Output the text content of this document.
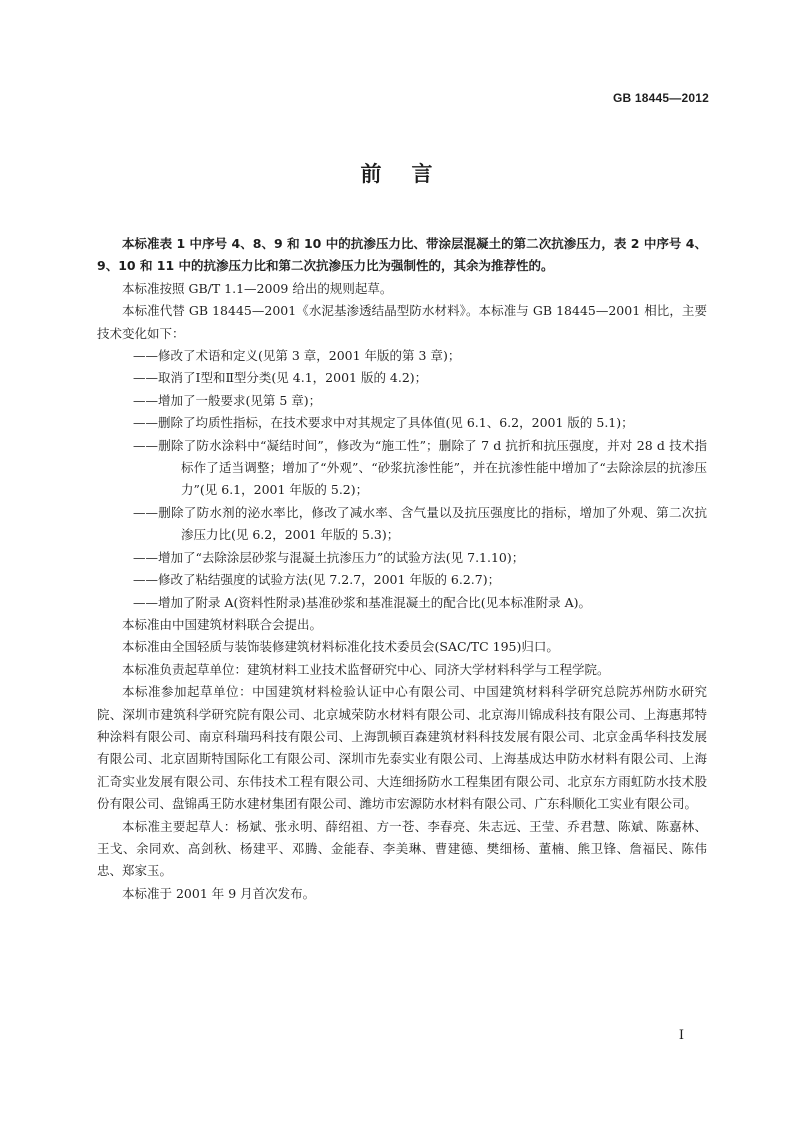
GB 18445—2012
前言

本标准表 1 中序号 4、8、9 和 10 中的抗渗压力比、带涂层混凝土的第二次抗渗压力，表 2 中序号 4、9、10 和 11 中的抗渗压力比和第二次抗渗压力比为强制性的，其余为推荐性的。

本标准按照 GB/T 1.1—2009 给出的规则起草。

本标准代替 GB 18445—2001《水泥基渗透结晶型防水材料》。本标准与 GB 18445—2001 相比，主要技术变化如下：

——修改了术语和定义(见第 3 章，2001 年版的第 3 章)；
——取消了Ⅰ型和Ⅱ型分类(见 4.1，2001 版的 4.2)；
——增加了一般要求(见第 5 章)；
——删除了均质性指标，在技术要求中对其规定了具体值(见 6.1、6.2，2001 版的 5.1)；
——删除了防水涂料中“凝结时间”，修改为“施工性”；删除了 7 d 抗折和抗压强度，并对 28 d 技术指标作了适当调整；增加了“外观”、“砂浆抗渗性能”，并在抗渗性能中增加了“去除涂层的抗渗压力”(见 6.1，2001 年版的 5.2)；
——删除了防水剂的泌水率比，修改了减水率、含气量以及抗压强度比的指标，增加了外观、第二次抗渗压力比(见 6.2，2001 年版的 5.3)；
——增加了“去除涂层砂浆与混凝土抗渗压力”的试验方法(见 7.1.10)；
——修改了粘结强度的试验方法(见 7.2.7，2001 年版的 6.2.7)；
——增加了附录 A(资料性附录)基准砂浆和基准混凝土的配合比(见本标准附录 A)。

本标准由中国建筑材料联合会提出。

本标准由全国轻质与装饰装修建筑材料标准化技术委员会(SAC/TC 195)归口。

本标准负责起草单位：建筑材料工业技术监督研究中心、同济大学材料科学与工程学院。

本标准参加起草单位：中国建筑材料检验认证中心有限公司、中国建筑材料科学研究总院苏州防水研究院、深圳市建筑科学研究院有限公司、北京城荣防水材料有限公司、北京海川锦成科技有限公司、上海惠邦特种涂料有限公司、南京科瑞玛科技有限公司、上海凯顿百森建筑材料科技发展有限公司、北京金禹华科技发展有限公司、北京固斯特国际化工有限公司、深圳市先泰实业有限公司、上海基成达申防水材料有限公司、上海汇奇实业发展有限公司、东伟技术工程有限公司、大连细扬防水工程集团有限公司、北京东方雨虹防水技术股份有限公司、盘锦禹王防水建材集团有限公司、潍坊市宏源防水材料有限公司、广东科顺化工实业有限公司。

本标准主要起草人：杨斌、张永明、薛绍祖、方一苍、李春亮、朱志远、王莹、乔君慧、陈斌、陈嘉林、王戈、余同欢、高剑秋、杨建平、邓腾、金能春、李美琳、曹建德、樊细杨、董楠、熊卫锋、詹福民、陈伟忠、郑家玉。

本标准于 2001 年 9 月首次发布。

I
